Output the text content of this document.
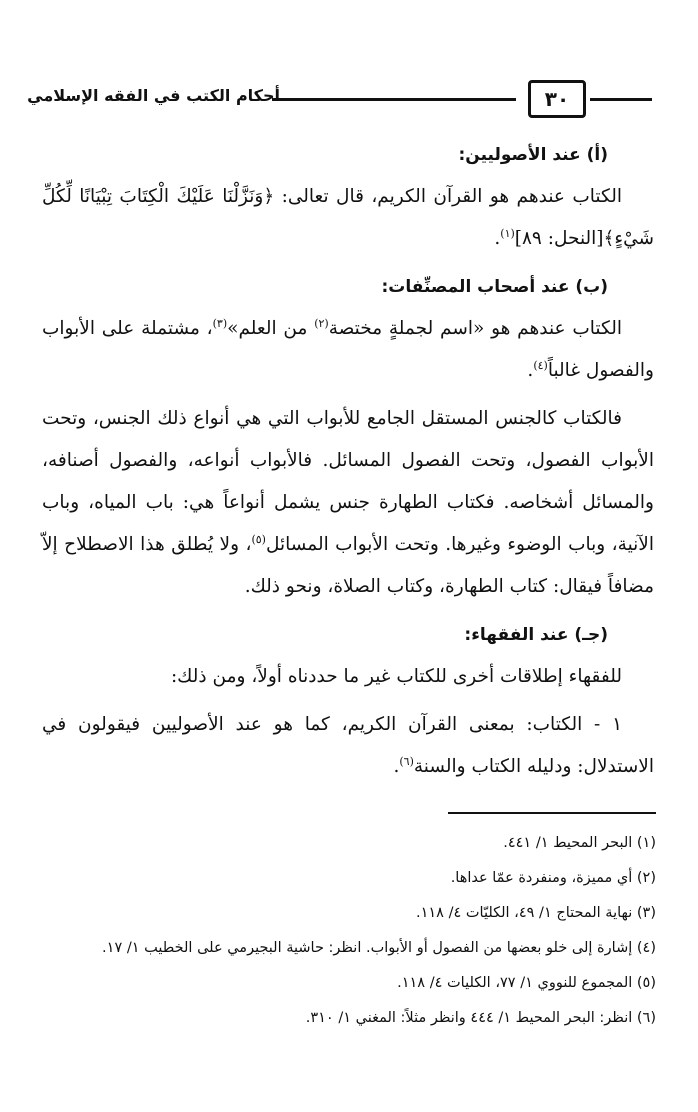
٣٠
أحكام الكتب في الفقه الإسلامي

(أ) عند الأصوليين:

الكتاب عندهم هو القرآن الكريم، قال تعالى: ﴿وَنَزَّلْنَا عَلَيْكَ الْكِتَابَ تِبْيَانًا لِّكُلِّ شَيْءٍ﴾[النحل: ٨٩]$^{(١)}$.

(ب) عند أصحاب المصنِّفات:

الكتاب عندهم هو «اسم لجملةٍ مختصة$^{(٢)}$ من العلم»$^{(٣)}$، مشتملة على الأبواب والفصول غالباً$^{(٤)}$.

فالكتاب كالجنس المستقل الجامع للأبواب التي هي أنواع ذلك الجنس، وتحت الأبواب الفصول، وتحت الفصول المسائل. فالأبواب أنواعه، والفصول أصنافه، والمسائل أشخاصه. فكتاب الطهارة جنس يشمل أنواعاً هي: باب المياه، وباب الآنية، وباب الوضوء وغيرها. وتحت الأبواب المسائل$^{(٥)}$، ولا يُطلق هذا الاصطلاح إلاّ مضافاً فيقال: كتاب الطهارة، وكتاب الصلاة، ونحو ذلك.

(جـ) عند الفقهاء:

للفقهاء إطلاقات أخرى للكتاب غير ما حددناه أولاً، ومن ذلك:

١ - الكتاب: بمعنى القرآن الكريم، كما هو عند الأصوليين فيقولون في الاستدلال: ودليله الكتاب والسنة$^{(٦)}$.

(١) البحر المحيط ١/ ٤٤١.

(٢) أي مميزة، ومنفردة عمّا عداها.

(٣) نهاية المحتاج ١/ ٤٩، الكليّات ٤/ ١١٨.

(٤) إشارة إلى خلو بعضها من الفصول أو الأبواب. انظر: حاشية البجيرمي على الخطيب ١/ ١٧.

(٥) المجموع للنووي ١/ ٧٧، الكليات ٤/ ١١٨.

(٦) انظر: البحر المحيط ١/ ٤٤٤ وانظر مثلاً: المغني ١/ ٣١٠.
